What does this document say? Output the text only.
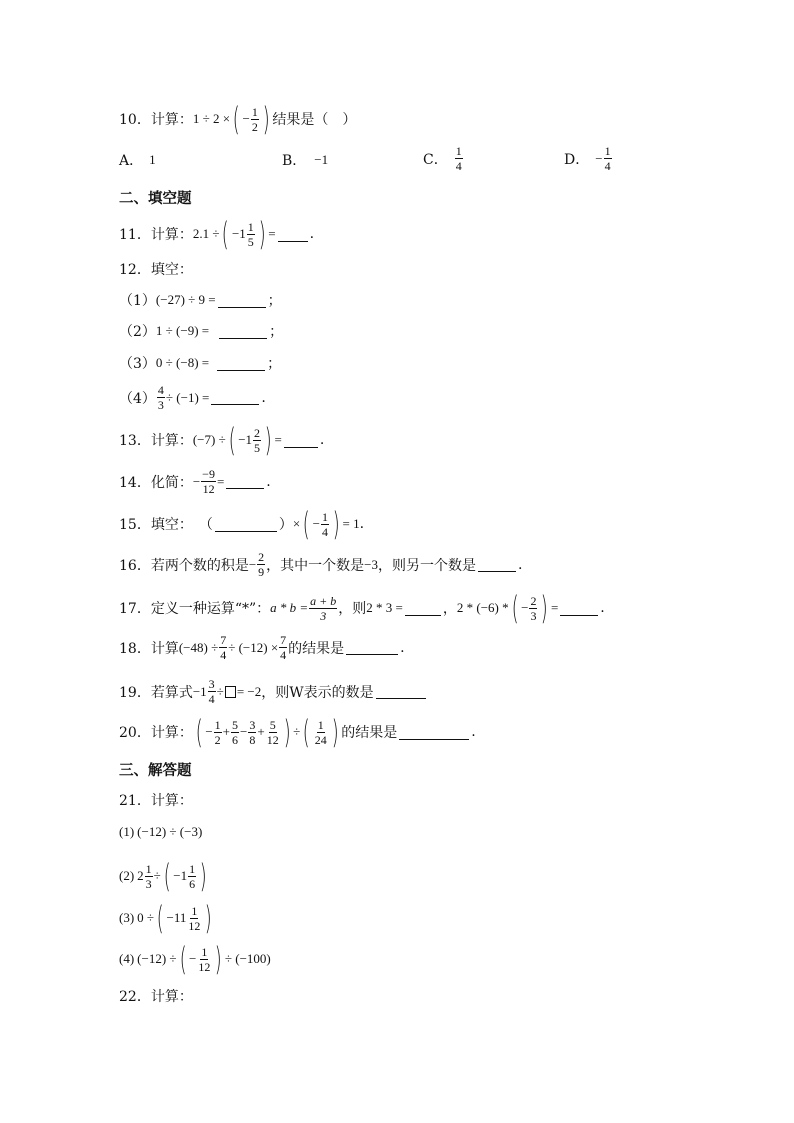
10．计算： 1 ÷ 2 × ( − $\frac{1}{2}$ ) 结果是（　）
A． 1	B． −1	C． $\frac{1}{4}$	D． − $\frac{1}{4}$
二、填空题
11．计算： 2.1 ÷ ( $-1 \frac{1}{5}$ ) = .
12．填空：
（1） (−27) ÷ 9 =	；
（2） 1 ÷ (−9) =	；
（3） 0 ÷ (−8) =	；
$(4) \frac{4}{3} \div (-1)$ =	.
13．计算： (−7) ÷ ( $-1 \frac{2}{5}$ ) =	.
14．化简： − $\frac{-9}{12}$ =	.
15．填空： （	） × ( − $\frac{1}{4}$ ) = 1 .
16．若两个数的积是 − $\frac{2}{9}$ ，其中一个数是 −3 ，则另一个数是	.
17．定义一种运算“*”： $a * b = \frac{a + b}{3}$ ，则 2 * 3 =	， 2 * (−6) * ( − $\frac{2}{3}$ ) =	.
18．计算 $(-48) \div \frac{7}{4} \div (-12) \times \frac{7}{4}$ 的结果是	.
19．若算式 $-1 \frac{3}{4}$ ÷ = −2 ，则W表示的数是
20．计算： ( − $\frac{1}{2} + \frac{5}{6} - \frac{3}{8} + \frac{5}{12}$ ) ÷ ( $\frac{1}{24}$ ) 的结果是	.
三、解答题
21．计算：
(1) (−12) ÷ (−3)
(2) $2 \frac{1}{3}$ ÷ ( $-1 \frac{1}{6}$ )
(3) 0 ÷ ( $-11 \frac{1}{12}$ )
(4) (−12) ÷ ( − $\frac{1}{12}$ ) ÷ (−100)
22．计算：
